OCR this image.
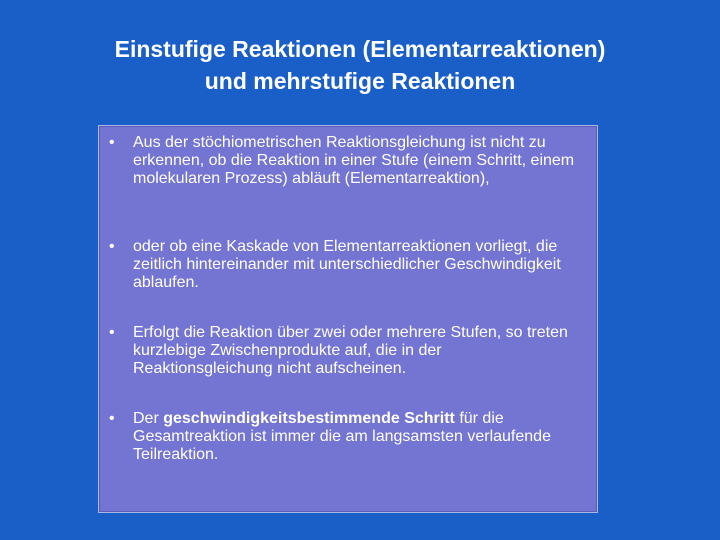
Einstufige Reaktionen (Elementarreaktionen)
und mehrstufige Reaktionen
• Aus der stöchiometrischen Reaktionsgleichung ist nicht zu erkennen, ob die Reaktion in einer Stufe (einem Schritt, einem molekularen Prozess) abläuft (Elementarreaktion),
• oder ob eine Kaskade von Elementarreaktionen vorliegt, die zeitlich hintereinander mit unterschiedlicher Geschwindigkeit ablaufen.
• Erfolgt die Reaktion über zwei oder mehrere Stufen, so treten kurzlebige Zwischenprodukte auf, die in der Reaktionsgleichung nicht aufscheinen.
• Der geschwindigkeitsbestimmende Schritt für die Gesamtreaktion ist immer die am langsamsten verlaufende Teilreaktion.
